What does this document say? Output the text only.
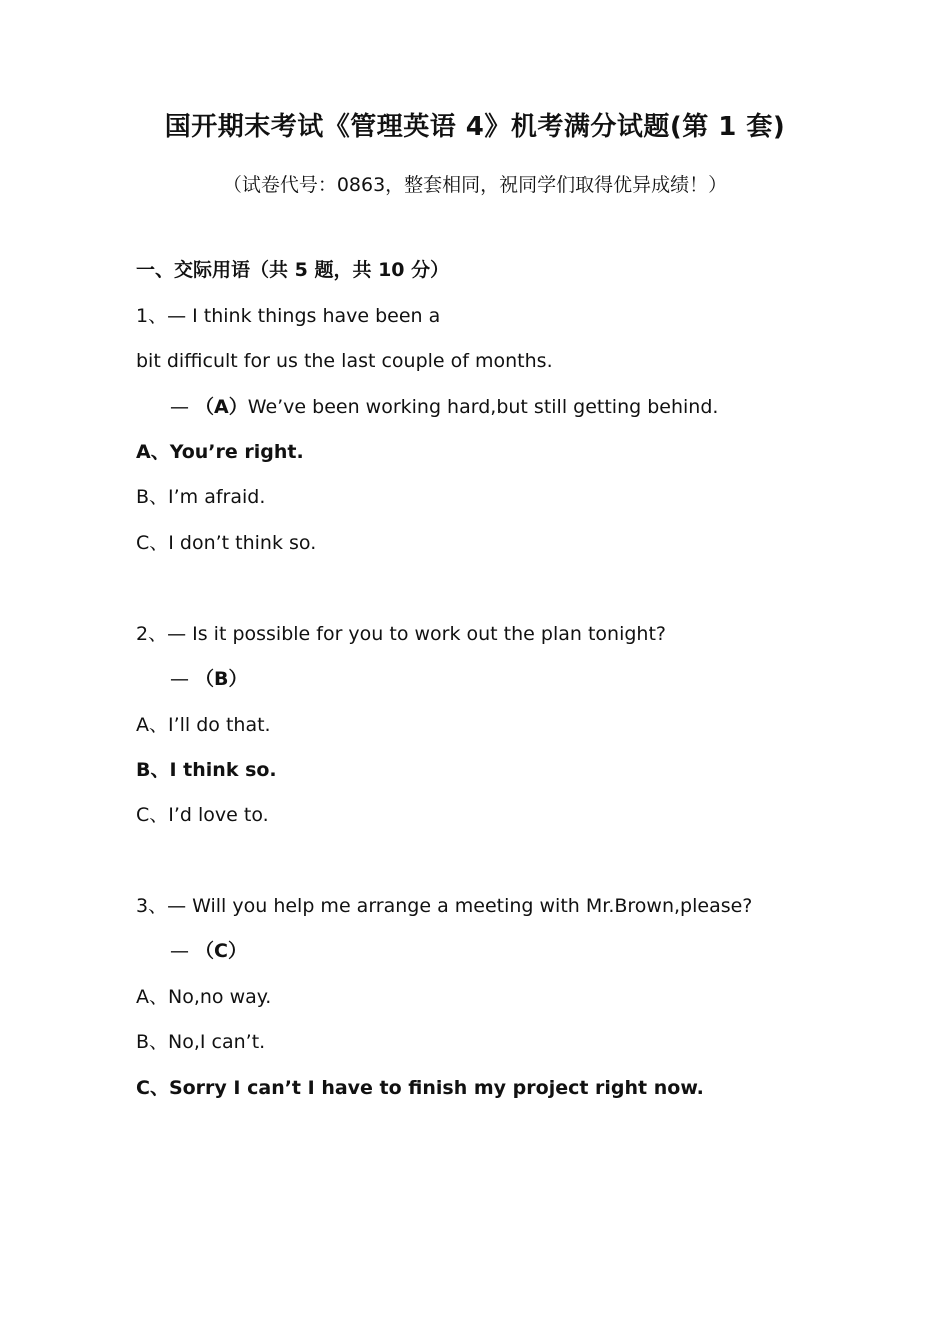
国开期末考试《管理英语 4》机考满分试题(第 1 套)
（试卷代号：0863，整套相同，祝同学们取得优异成绩！）
一、交际用语（共 5 题，共 10 分）
1、— I think things have been a
bit difficult for us the last couple of months.
— （A）We’ve been working hard,but still getting behind.
A、You’re right.
B、I’m afraid.
C、I don’t think so.
2、— Is it possible for you to work out the plan tonight?
— （B）
A、I’ll do that.
B、I think so.
C、I’d love to.
3、— Will you help me arrange a meeting with Mr.Brown,please?
— （C）
A、No,no way.
B、No,I can’t.
C、Sorry I can’t I have to finish my project right now.
